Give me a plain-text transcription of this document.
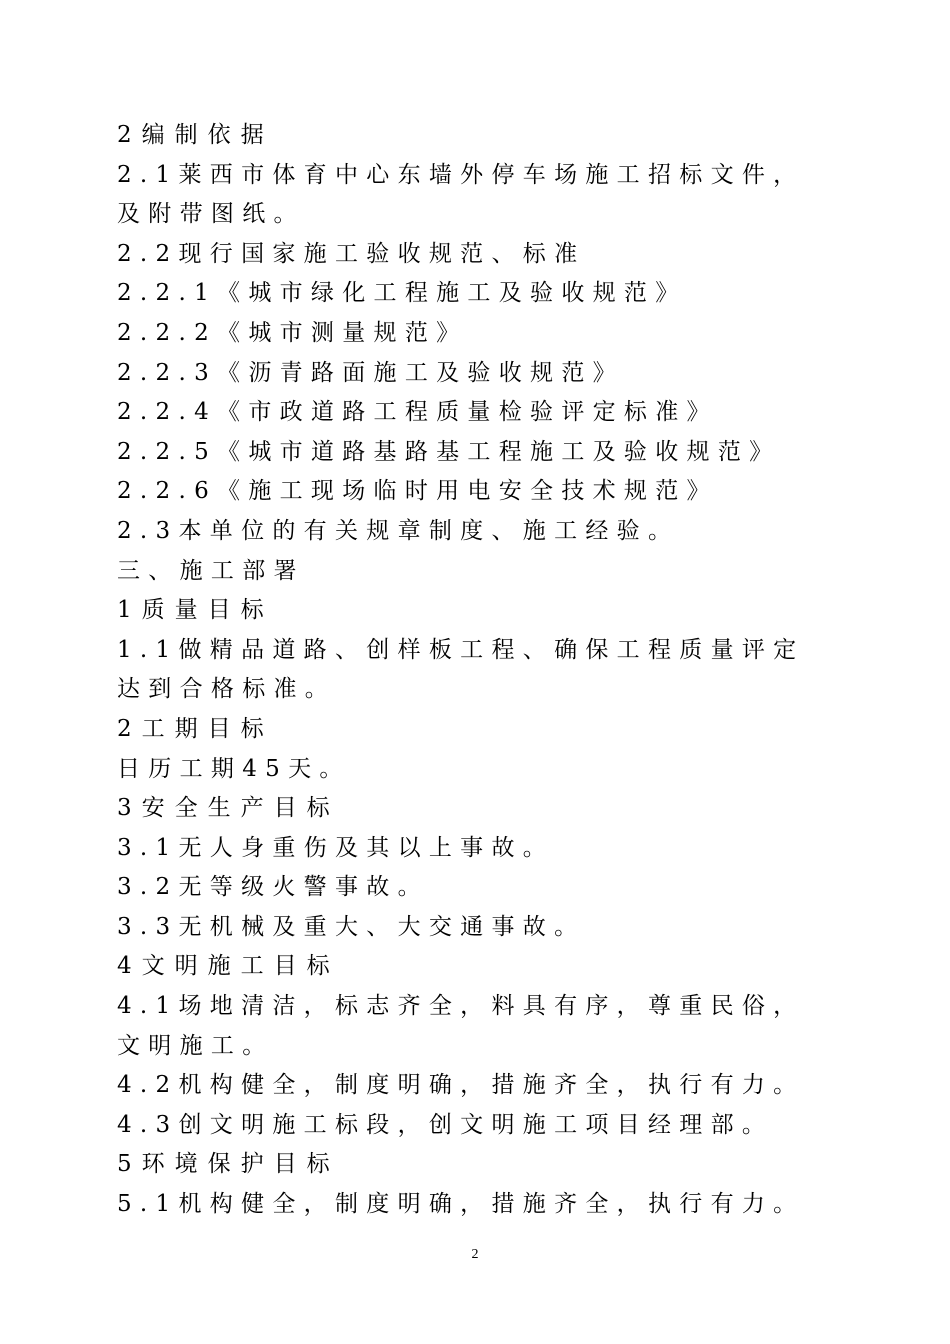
2编制依据
2.1莱西市体育中心东墙外停车场施工招标文件，
及附带图纸。
2.2现行国家施工验收规范、标准
2.2.1《城市绿化工程施工及验收规范》
2.2.2《城市测量规范》
2.2.3《沥青路面施工及验收规范》
2.2.4《市政道路工程质量检验评定标准》
2.2.5《城市道路基路基工程施工及验收规范》
2.2.6《施工现场临时用电安全技术规范》
2.3本单位的有关规章制度、施工经验。
三、施工部署
1质量目标
1.1做精品道路、创样板工程、确保工程质量评定
达到合格标准。
2工期目标
日历工期45天。
3安全生产目标
3.1无人身重伤及其以上事故。
3.2无等级火警事故。
3.3无机械及重大、大交通事故。
4文明施工目标
4.1场地清洁，标志齐全，料具有序，尊重民俗，
文明施工。
4.2机构健全，制度明确，措施齐全，执行有力。
4.3创文明施工标段，创文明施工项目经理部。
5环境保护目标
5.1机构健全，制度明确，措施齐全，执行有力。
2
